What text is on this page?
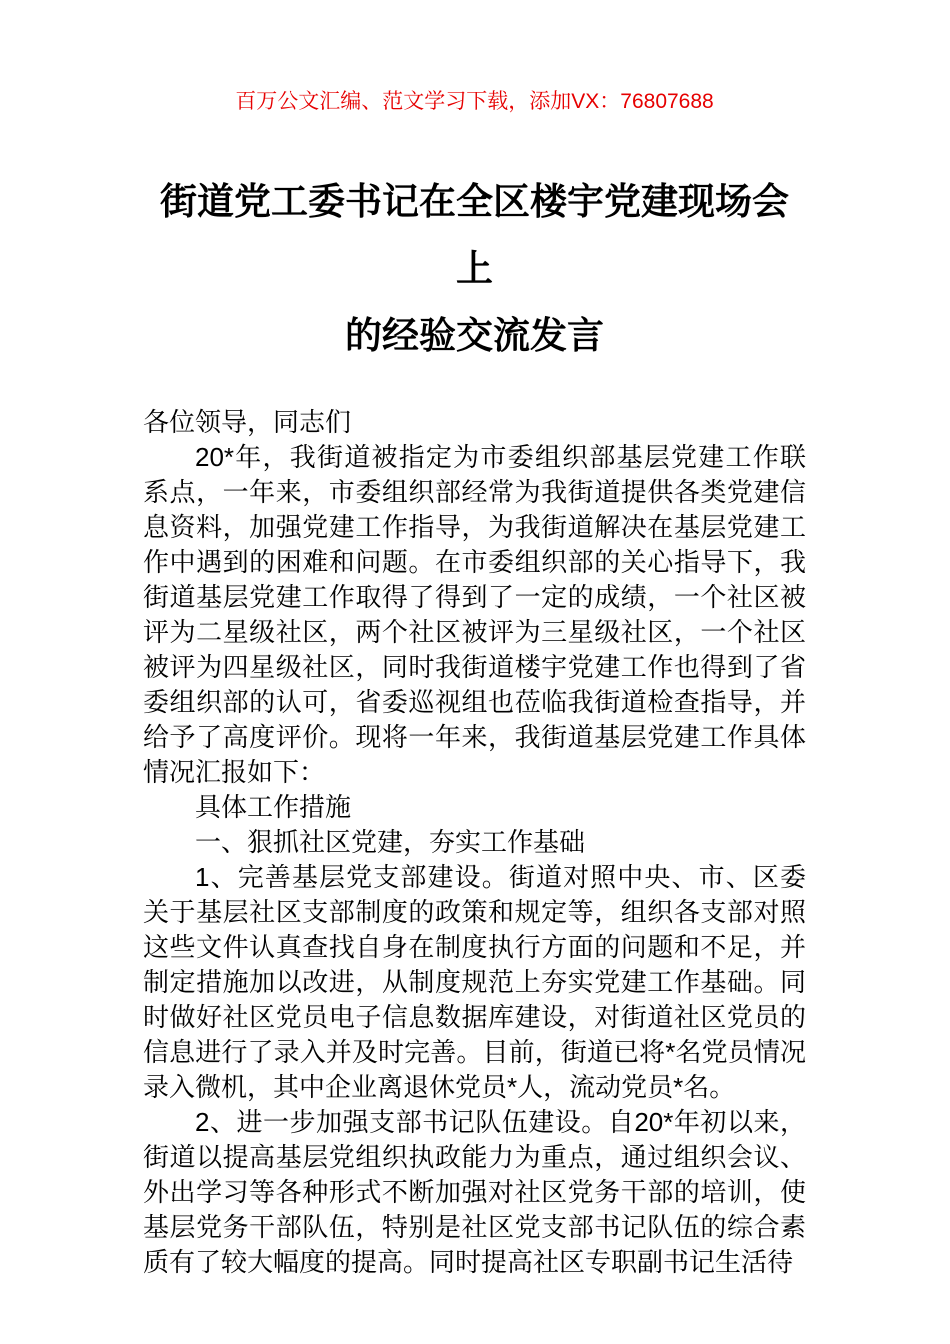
百万公文汇编、范文学习下载，添加VX：76807688
街道党工委书记在全区楼宇党建现场会上
的经验交流发言

各位领导，同志们

20*年，我街道被指定为市委组织部基层党建工作联系点，一年来，市委组织部经常为我街道提供各类党建信息资料，加强党建工作指导，为我街道解决在基层党建工作中遇到的困难和问题。在市委组织部的关心指导下，我街道基层党建工作取得了得到了一定的成绩，一个社区被评为二星级社区，两个社区被评为三星级社区，一个社区被评为四星级社区，同时我街道楼宇党建工作也得到了省委组织部的认可，省委巡视组也莅临我街道检查指导，并给予了高度评价。现将一年来，我街道基层党建工作具体情况汇报如下：

具体工作措施

一、狠抓社区党建，夯实工作基础

1、完善基层党支部建设。街道对照中央、市、区委关于基层社区支部制度的政策和规定等，组织各支部对照这些文件认真查找自身在制度执行方面的问题和不足，并制定措施加以改进，从制度规范上夯实党建工作基础。同时做好社区党员电子信息数据库建设，对街道社区党员的信息进行了录入并及时完善。目前，街道已将*名党员情况录入微机，其中企业离退休党员*人，流动党员*名。

2、进一步加强支部书记队伍建设。自20*年初以来，街道以提高基层党组织执政能力为重点，通过组织会议、外出学习等各种形式不断加强对社区党务干部的培训，使基层党务干部队伍，特别是社区党支部书记队伍的综合素质有了较大幅度的提高。同时提高社区专职副书记生活待
